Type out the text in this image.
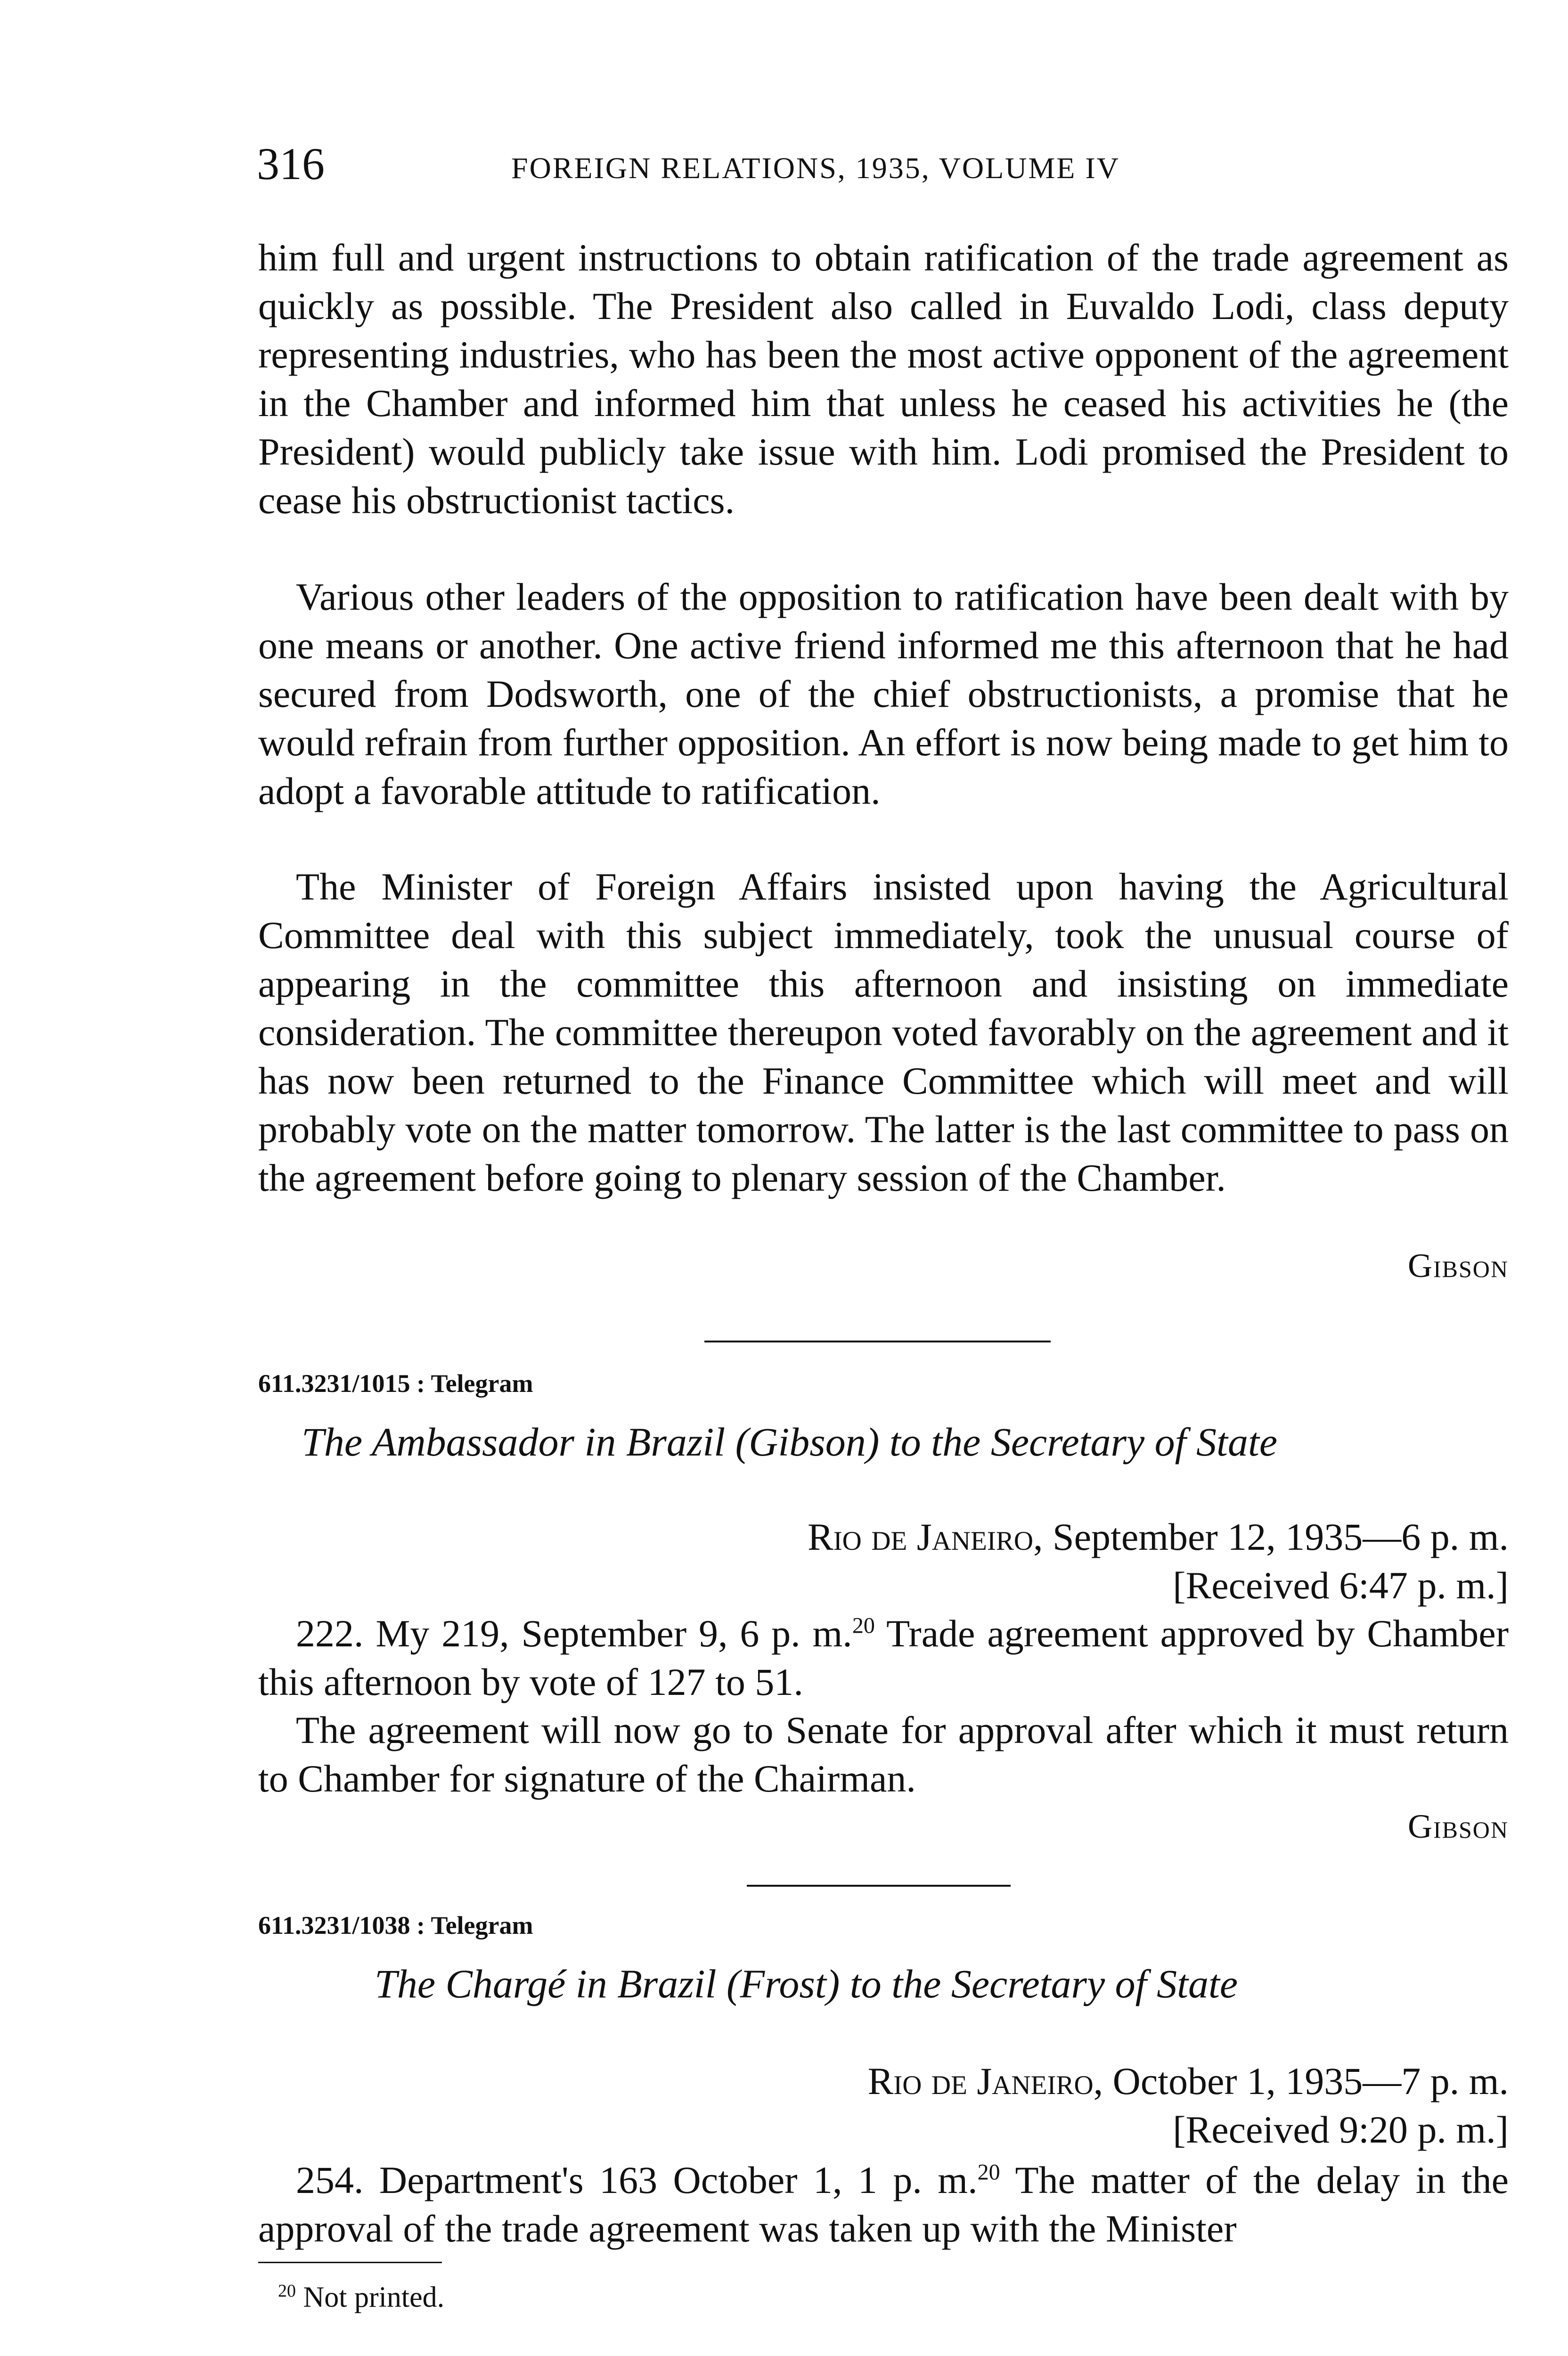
316	FOREIGN RELATIONS, 1935, VOLUME IV

him full and urgent instructions to obtain ratification of the trade agreement as quickly as possible. The President also called in Euvaldo Lodi, class deputy representing industries, who has been the most active opponent of the agreement in the Chamber and informed him that unless he ceased his activities he (the President) would publicly take issue with him. Lodi promised the President to cease his obstructionist tactics.

Various other leaders of the opposition to ratification have been dealt with by one means or another. One active friend informed me this afternoon that he had secured from Dodsworth, one of the chief obstructionists, a promise that he would refrain from further opposition. An effort is now being made to get him to adopt a favorable attitude to ratification.

The Minister of Foreign Affairs insisted upon having the Agricultural Committee deal with this subject immediately, took the unusual course of appearing in the committee this afternoon and insisting on immediate consideration. The committee thereupon voted favorably on the agreement and it has now been returned to the Finance Committee which will meet and will probably vote on the matter tomorrow. The latter is the last committee to pass on the agreement before going to plenary session of the Chamber.

Gibson
611.3231/1015 : Telegram
The Ambassador in Brazil (Gibson) to the Secretary of State
Rio de Janeiro, September 12, 1935—6 p. m.
[Received 6:47 p. m.]

222. My 219, September 9, 6 p. m.$^{20}$ Trade agreement approved by Chamber this afternoon by vote of 127 to 51.

The agreement will now go to Senate for approval after which it must return to Chamber for signature of the Chairman.

Gibson
611.3231/1038 : Telegram
The Chargé in Brazil (Frost) to the Secretary of State
Rio de Janeiro, October 1, 1935—7 p. m.
[Received 9:20 p. m.]

254. Department's 163 October 1, 1 p. m.$^{20}$ The matter of the delay in the approval of the trade agreement was taken up with the Minister

$^{20}$ Not printed.
